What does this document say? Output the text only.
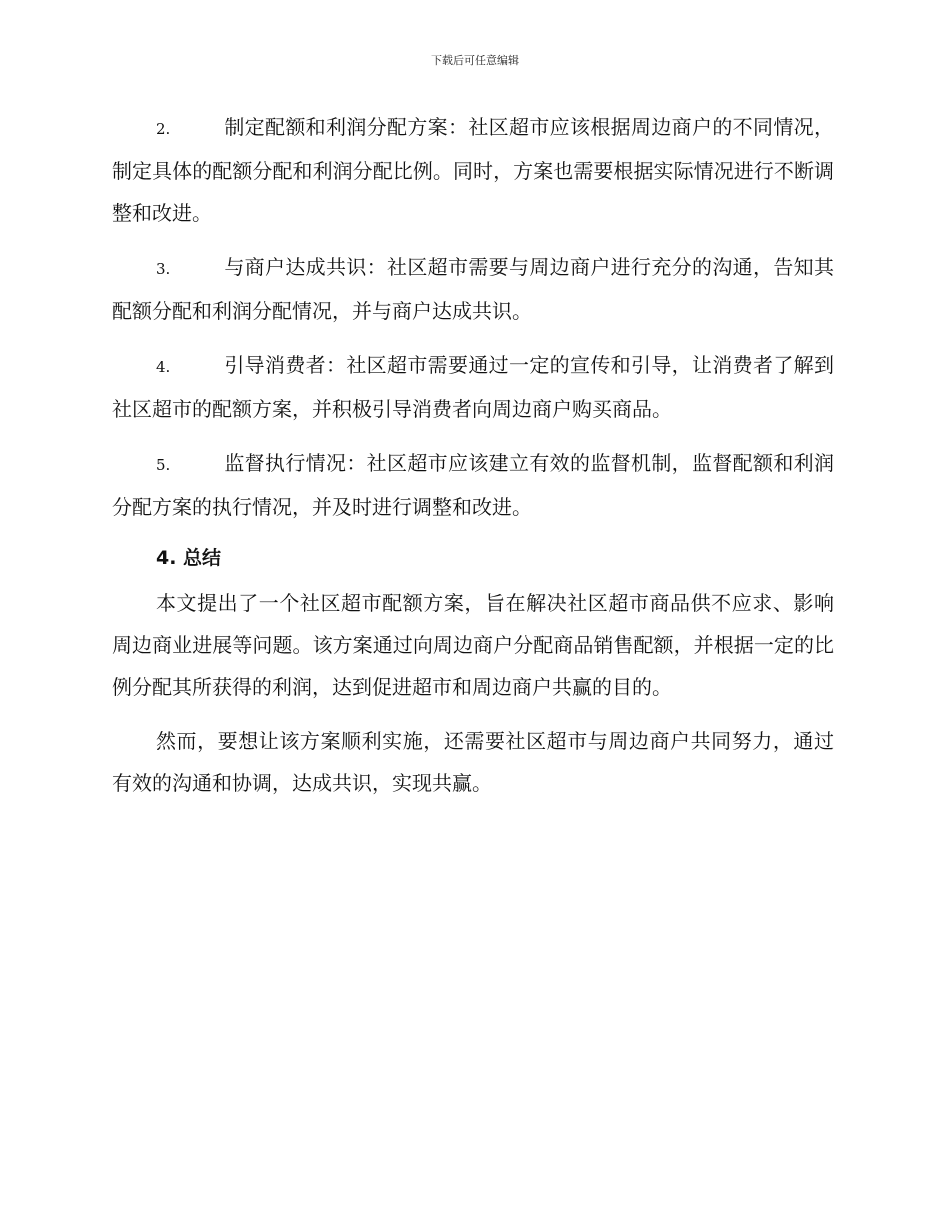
下载后可任意编辑

2.	制定配额和利润分配方案：社区超市应该根据周边商户的不同情况，制定具体的配额分配和利润分配比例。同时，方案也需要根据实际情况进行不断调整和改进。

3.	与商户达成共识：社区超市需要与周边商户进行充分的沟通，告知其配额分配和利润分配情况，并与商户达成共识。

4.	引导消费者：社区超市需要通过一定的宣传和引导，让消费者了解到社区超市的配额方案，并积极引导消费者向周边商户购买商品。

5.	监督执行情况：社区超市应该建立有效的监督机制，监督配额和利润分配方案的执行情况，并及时进行调整和改进。

4. 总结

本文提出了一个社区超市配额方案，旨在解决社区超市商品供不应求、影响周边商业进展等问题。该方案通过向周边商户分配商品销售配额，并根据一定的比例分配其所获得的利润，达到促进超市和周边商户共赢的目的。

然而，要想让该方案顺利实施，还需要社区超市与周边商户共同努力，通过有效的沟通和协调，达成共识，实现共赢。
